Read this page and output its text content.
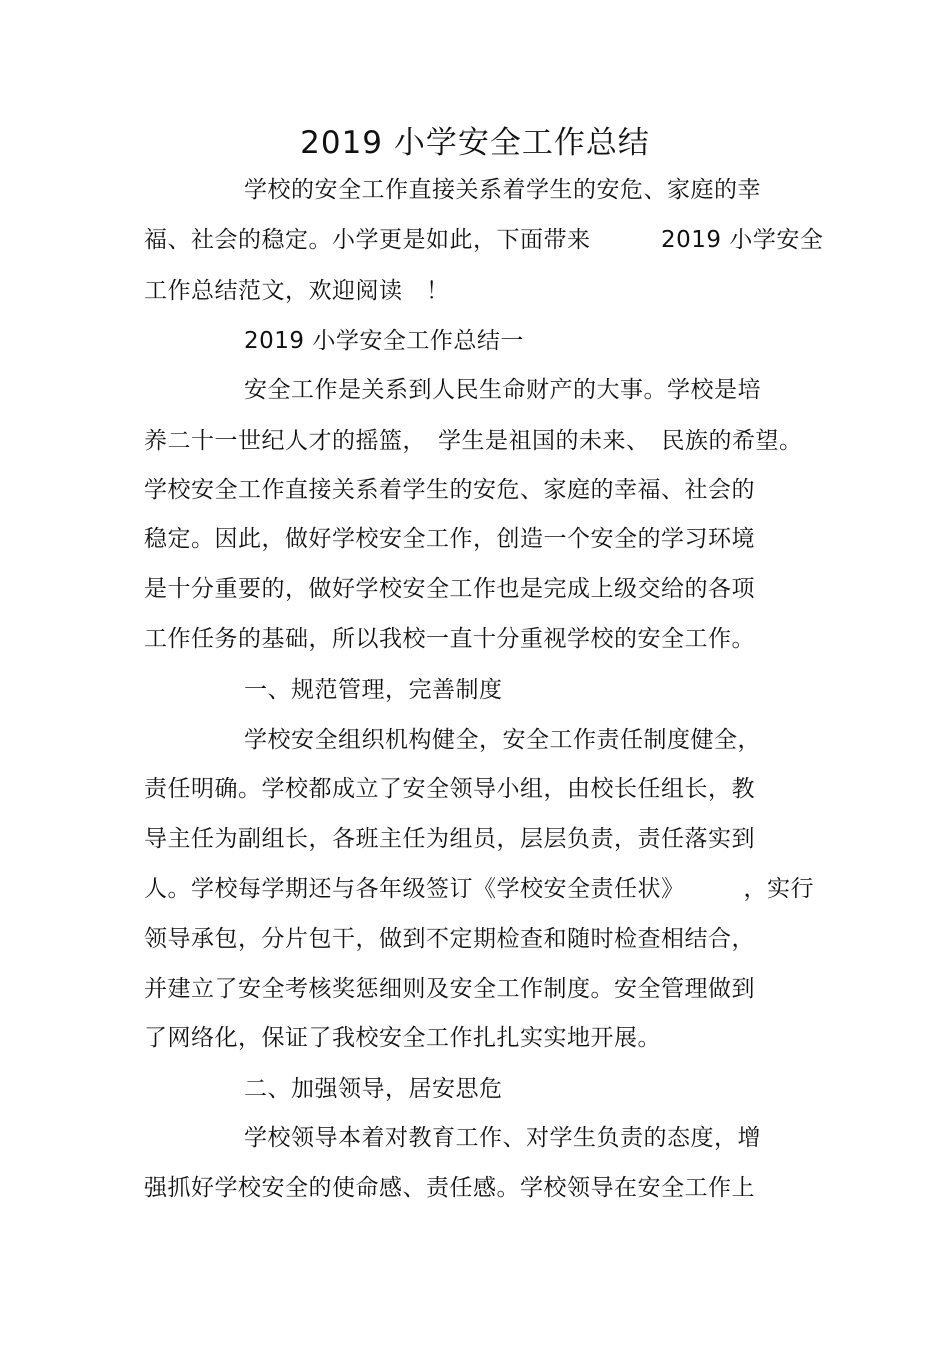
2019 小学安全工作总结
学校的安全工作直接关系着学生的安危、家庭的幸
福、社会的稳定。小学更是如此，下面带来　　　2019 小学安全
工作总结范文，欢迎阅读　！
2019 小学安全工作总结一
安全工作是关系到人民生命财产的大事。学校是培
养二十一世纪人才的摇篮，　学生是祖国的未来、　民族的希望。
学校安全工作直接关系着学生的安危、家庭的幸福、社会的
稳定。因此，做好学校安全工作，创造一个安全的学习环境
是十分重要的，做好学校安全工作也是完成上级交给的各项
工作任务的基础，所以我校一直十分重视学校的安全工作。
一、规范管理，完善制度
学校安全组织机构健全，安全工作责任制度健全，
责任明确。学校都成立了安全领导小组，由校长任组长，教
导主任为副组长，各班主任为组员，层层负责，责任落实到
人。学校每学期还与各年级签订《学校安全责任状》　　　，实行
领导承包，分片包干，做到不定期检查和随时检查相结合，
并建立了安全考核奖惩细则及安全工作制度。安全管理做到
了网络化，保证了我校安全工作扎扎实实地开展。
二、加强领导，居安思危
学校领导本着对教育工作、对学生负责的态度，增
强抓好学校安全的使命感、责任感。学校领导在安全工作上
